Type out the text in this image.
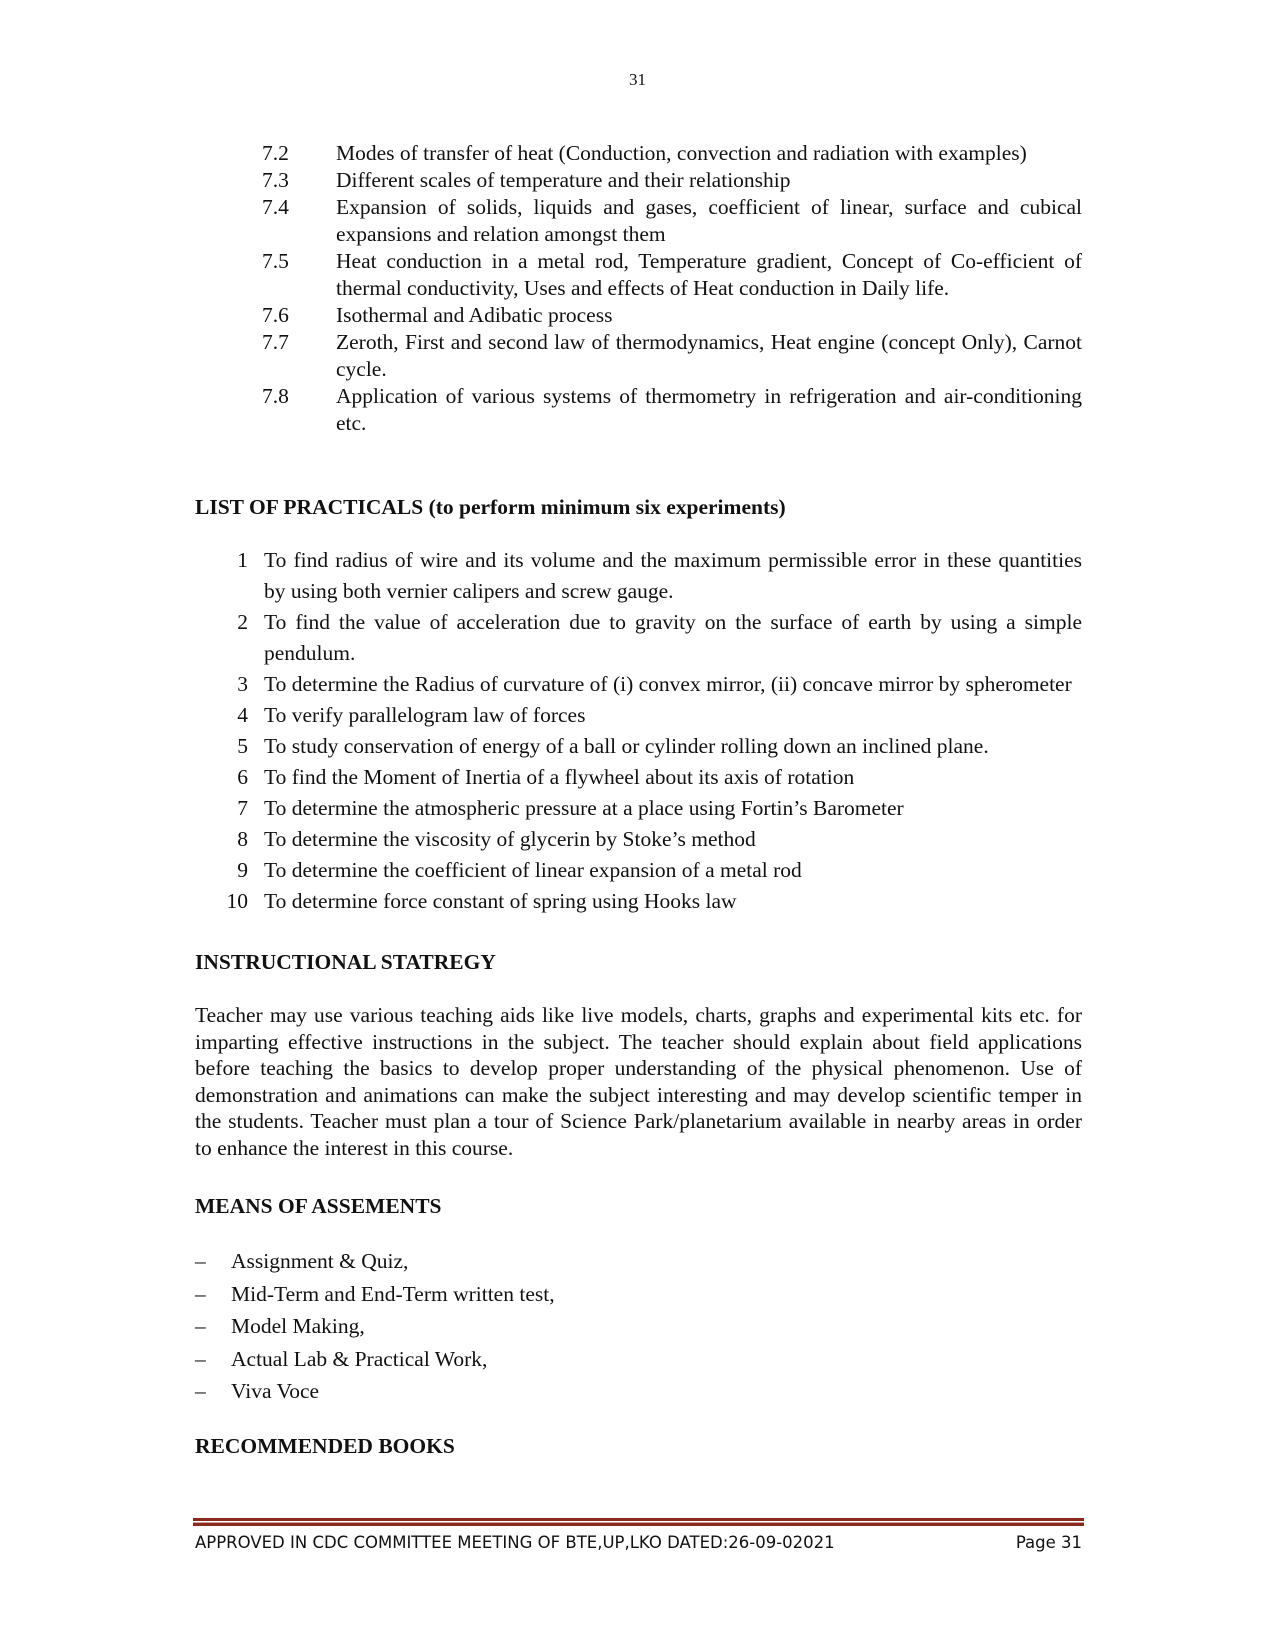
31
7.2	Modes of transfer of heat (Conduction, convection and radiation with examples)
7.3	Different scales of temperature and their relationship
7.4	Expansion of solids, liquids and gases, coefficient of linear, surface and cubical expansions and relation amongst them
7.5	Heat conduction in a metal rod, Temperature gradient, Concept of Co-efficient of thermal conductivity, Uses and effects of Heat conduction in Daily life.
7.6	Isothermal and Adibatic process
7.7	Zeroth, First and second law of thermodynamics, Heat engine (concept Only), Carnot cycle.
7.8	Application of various systems of thermometry in refrigeration and air-conditioning etc.
LIST OF PRACTICALS (to perform minimum six experiments)
1 To find radius of wire and its volume and the maximum permissible error in these quantities by using both vernier calipers and screw gauge.
2 To find the value of acceleration due to gravity on the surface of earth by using a simple pendulum.
3 To determine the Radius of curvature of (i) convex mirror, (ii) concave mirror by spherometer
4 To verify parallelogram law of forces
5 To study conservation of energy of a ball or cylinder rolling down an inclined plane.
6 To find the Moment of Inertia of a flywheel about its axis of rotation
7 To determine the atmospheric pressure at a place using Fortin’s Barometer
8 To determine the viscosity of glycerin by Stoke’s method
9 To determine the coefficient of linear expansion of a metal rod
10 To determine force constant of spring using Hooks law
INSTRUCTIONAL STATREGY
Teacher may use various teaching aids like live models, charts, graphs and experimental kits etc. for imparting effective instructions in the subject. The teacher should explain about field applications before teaching the basics to develop proper understanding of the physical phenomenon. Use of demonstration and animations can make the subject interesting and may develop scientific temper in the students. Teacher must plan a tour of Science Park/planetarium available in nearby areas in order to enhance the interest in this course.
MEANS OF ASSEMENTS
–	Assignment & Quiz,
–	Mid-Term and End-Term written test,
–	Model Making,
–	Actual Lab & Practical Work,
–	Viva Voce
RECOMMENDED BOOKS
APPROVED IN CDC COMMITTEE MEETING OF BTE,UP,LKO DATED:26-09-02021	Page 31
